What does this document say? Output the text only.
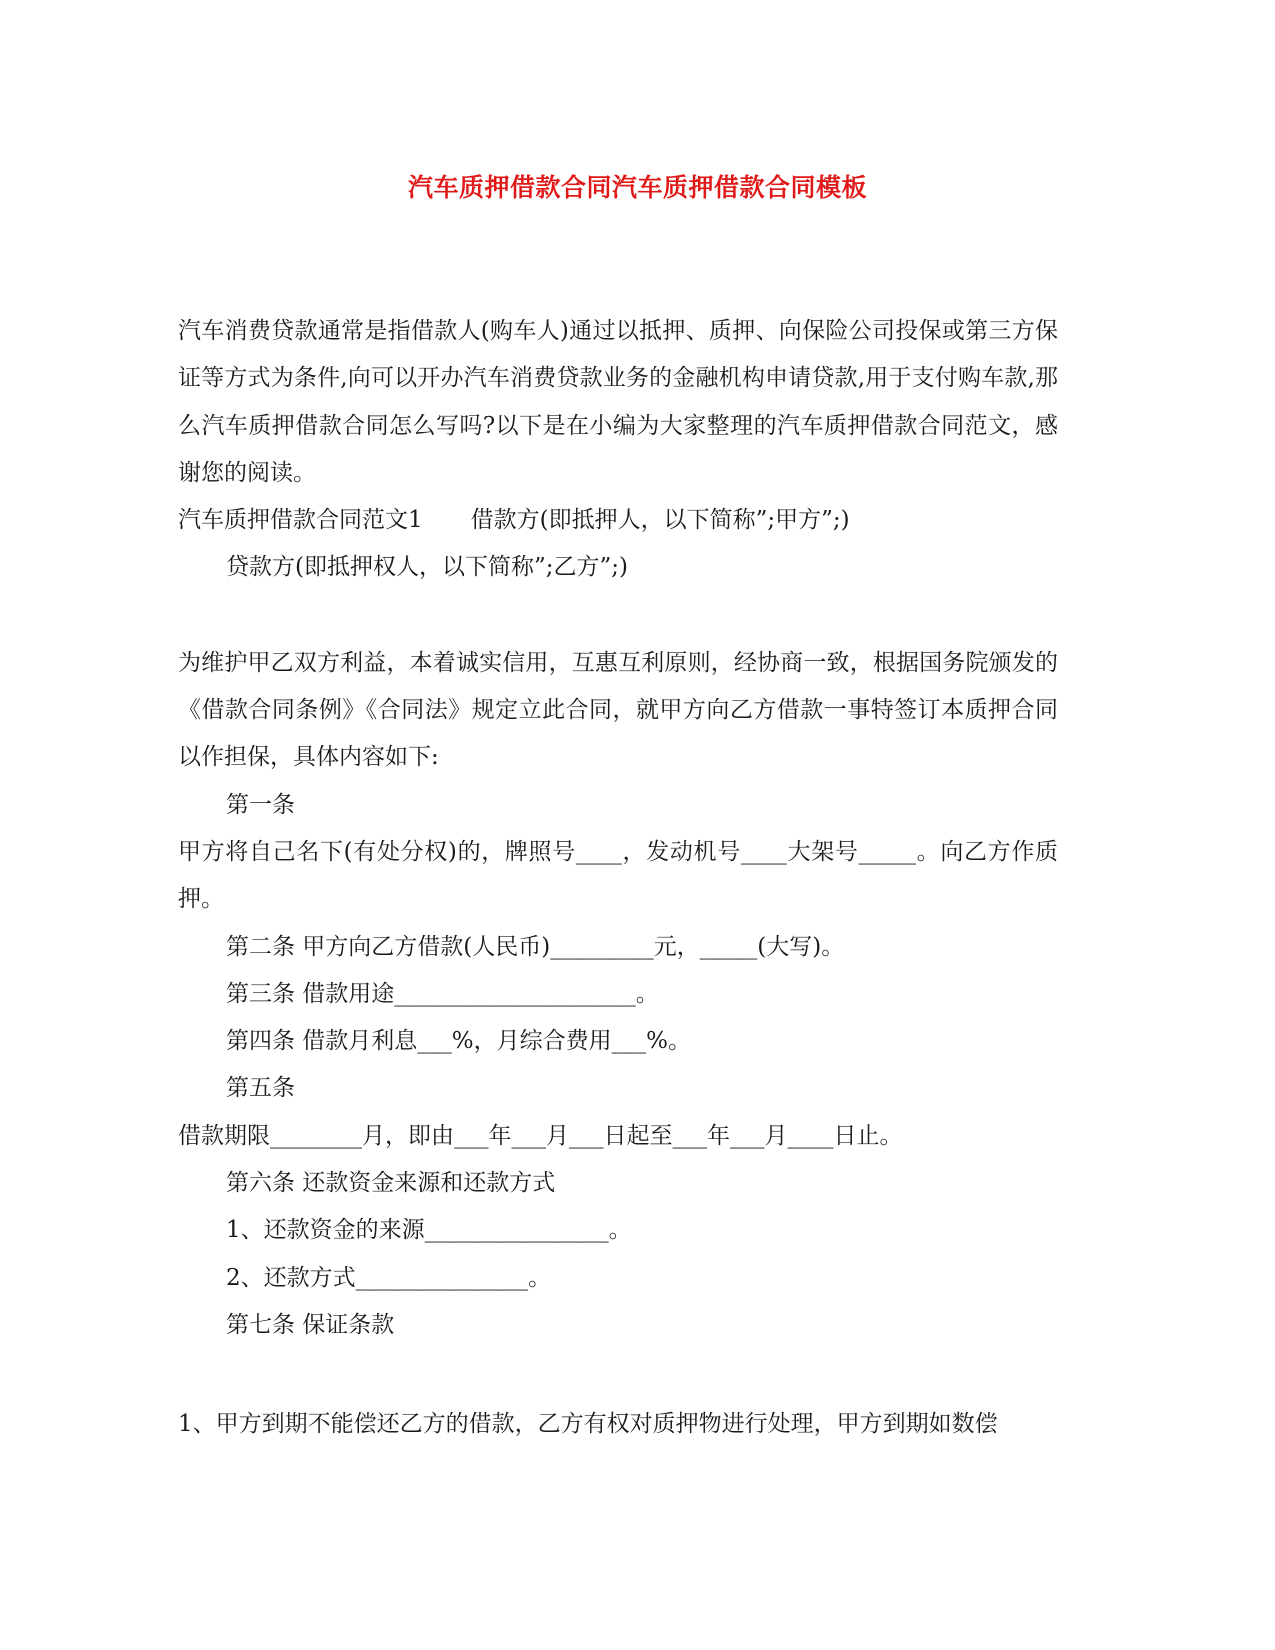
汽车质押借款合同汽车质押借款合同模板

汽车消费贷款通常是指借款人(购车人)通过以抵押、质押、向保险公司投保或第三方保证等方式为条件,向可以开办汽车消费贷款业务的金融机构申请贷款,用于支付购车款,那么汽车质押借款合同怎么写吗?以下是在小编为大家整理的汽车质押借款合同范文，感谢您的阅读。

汽车质押借款合同范文1 借款方(即抵押人，以下简称”;甲方”;)

贷款方(即抵押权人，以下简称”;乙方”;)

为维护甲乙双方利益，本着诚实信用，互惠互利原则，经协商一致，根据国务院颁发的《借款合同条例》《合同法》规定立此合同，就甲方向乙方借款一事特签订本质押合同以作担保，具体内容如下:

第一条

甲方将自己名下(有处分权)的，牌照号____，发动机号____大架号_____。向乙方作质押。

第二条 甲方向乙方借款(人民币)_________元，_____(大写)。

第三条 借款用途_____________________。

第四条 借款月利息___%，月综合费用___%。

第五条

借款期限________月，即由___年___月___日起至___年___月____日止。

第六条 还款资金来源和还款方式

1、还款资金的来源________________。

2、还款方式_______________。

第七条 保证条款

1、甲方到期不能偿还乙方的借款，乙方有权对质押物进行处理，甲方到期如数偿
